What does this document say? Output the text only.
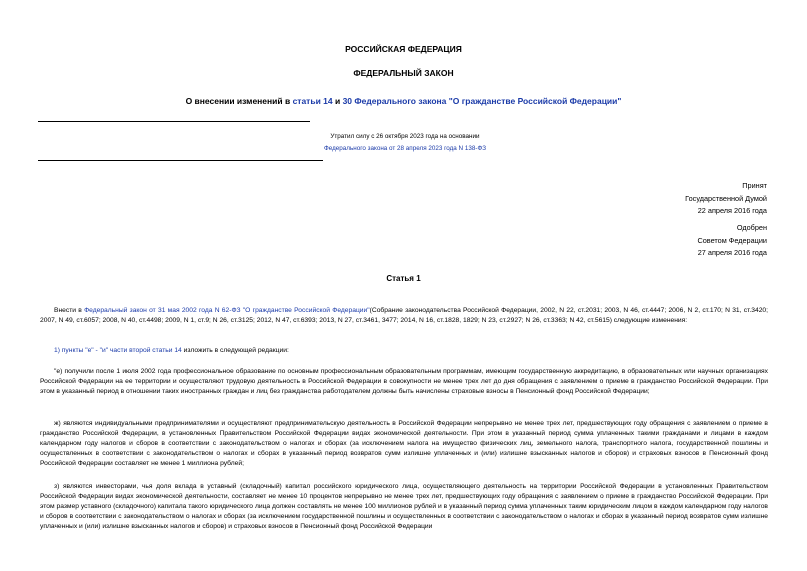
РОССИЙСКАЯ ФЕДЕРАЦИЯ
ФЕДЕРАЛЬНЫЙ ЗАКОН
О внесении изменений в статьи 14 и 30 Федерального закона "О гражданстве Российской Федерации"
Утратил силу с 26 октября 2023 года на основании
Федерального закона от 28 апреля 2023 года N 138-ФЗ
Принят
Государственной Думой
22 апреля 2016 года
Одобрен
Советом Федерации
27 апреля 2016 года
Статья 1
Внести в Федеральный закон от 31 мая 2002 года N 62-ФЗ "О гражданстве Российской Федерации"(Собрание законодательства Российской Федерации, 2002, N 22, ст.2031; 2003, N 46, ст.4447; 2006, N 2, ст.170; N 31, ст.3420; 2007, N 49, ст.6057; 2008, N 40, ст.4498; 2009, N 1, ст.9; N 26, ст.3125; 2012, N 47, ст.6393; 2013, N 27, ст.3461, 3477; 2014, N 16, ст.1828, 1829; N 23, ст.2927; N 26, ст.3363; N 42, ст.5615) следующие изменения:
1) пункты "е" - "и" части второй статьи 14 изложить в следующей редакции:
"е) получили после 1 июля 2002 года профессиональное образование по основным профессиональным образовательным программам, имеющим государственную аккредитацию, в образовательных или научных организациях Российской Федерации на ее территории и осуществляют трудовую деятельность в Российской Федерации в совокупности не менее трех лет до дня обращения с заявлением о приеме в гражданство Российской Федерации. При этом в указанный период в отношении таких иностранных граждан и лиц без гражданства работодателем должны быть начислены страховые взносы в Пенсионный фонд Российской Федерации;
ж) являются индивидуальными предпринимателями и осуществляют предпринимательскую деятельность в Российской Федерации непрерывно не менее трех лет, предшествующих году обращения с заявлением о приеме в гражданство Российской Федерации, в установленных Правительством Российской Федерации видах экономической деятельности. При этом в указанный период сумма уплаченных такими гражданами и лицами в каждом календарном году налогов и сборов в соответствии с законодательством о налогах и сборах (за исключением налога на имущество физических лиц, земельного налога, транспортного налога, государственной пошлины и осуществленных в соответствии с законодательством о налогах и сборах в указанный период возвратов сумм излишне уплаченных и (или) излишне взысканных налогов и сборов) и страховых взносов в Пенсионный фонд Российской Федерации составляет не менее 1 миллиона рублей;
з) являются инвесторами, чья доля вклада в уставный (складочный) капитал российского юридического лица, осуществляющего деятельность на территории Российской Федерации в установленных Правительством Российской Федерации видах экономической деятельности, составляет не менее 10 процентов непрерывно не менее трех лет, предшествующих году обращения с заявлением о приеме в гражданство Российской Федерации. При этом размер уставного (складочного) капитала такого юридического лица должен составлять не менее 100 миллионов рублей и в указанный период сумма уплаченных таким юридическим лицом в каждом календарном году налогов и сборов в соответствии с законодательством о налогах и сборах (за исключением государственной пошлины и осуществленных в соответствии с законодательством о налогах и сборах в указанный период возвратов сумм излишне уплаченных и (или) излишне взысканных налогов и сборов) и страховых взносов в Пенсионный фонд Российской Федерации
